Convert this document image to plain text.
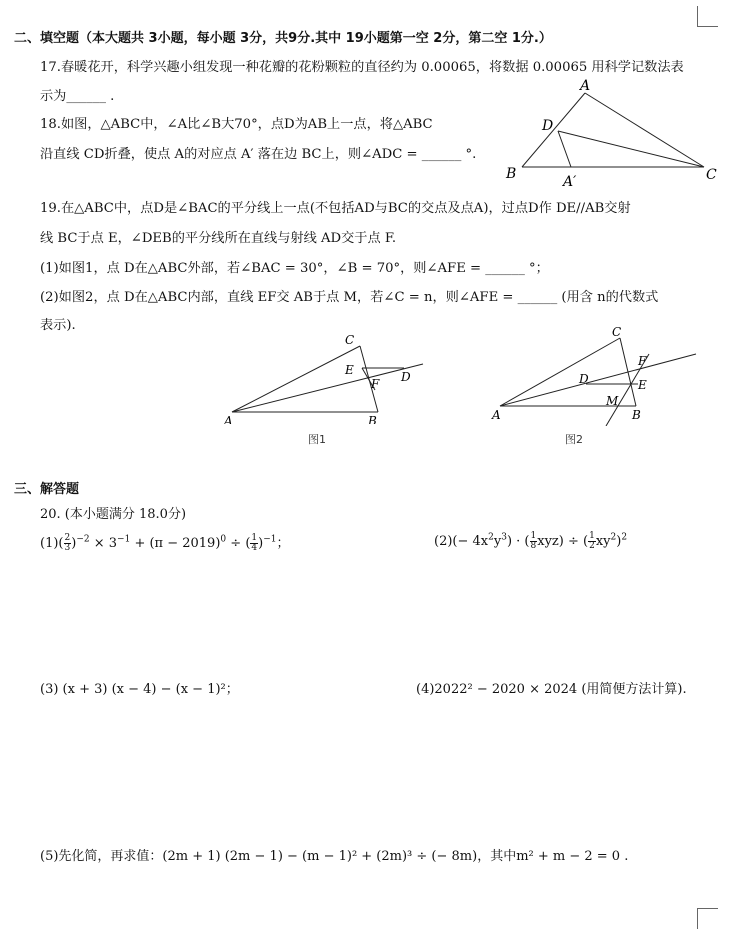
二、填空题（本大题共 3小题，每小题 3分，共9分.其中 19小题第一空 2分，第二空 1分.）
17.春暖花开，科学兴趣小组发现一种花瓣的花粉颗粒的直径约为 0.00065，将数据 0.00065 用科学记数法表
示为______ .
18.如图，△ABC中，∠A比∠B大70°，点D为AB上一点，将△ABC
沿直线 CD折叠，使点 A的对应点 A′ 落在边 BC上，则∠ADC = ______ °.
A
D
B	C
A′
19.在△ABC中，点D是∠BAC的平分线上一点(不包括AD与BC的交点及点A)，过点D作 DE//AB交射
线 BC于点 E，∠DEB的平分线所在直线与射线 AD交于点 F.
(1)如图1，点 D在△ABC外部，若∠BAC = 30°，∠B = 70°，则∠AFE = ______ °；
(2)如图2，点 D在△ABC内部，直线 EF交 AB于点 M，若∠C = n，则∠AFE = ______ (用含 n的代数式
表示).
C
E
F D
A	B
图1
C
F
D	E
M
A	B
图2
三、解答题
20. (本小题满分 18.0分)
$(1)( \frac{2}{3} )^{-2} \times 3^{-1} + (\pi - 2019)^0$ ÷ ( $\frac{1}{4} )^{-1}$；	$(2)(- 4x^2y^3)$ · ( $\frac{1}{8} xyz$) ÷ ( $\frac{1}{2} xy^2)^2$
(3) (x + 3) (x − 4) − (x − 1)²；	(4)2022² − 2020 × 2024 (用简便方法计算).
(5)先化简，再求值：(2m + 1) (2m − 1) − (m − 1)² + (2m)³ ÷ (− 8m)，其中m² + m − 2 = 0 .
